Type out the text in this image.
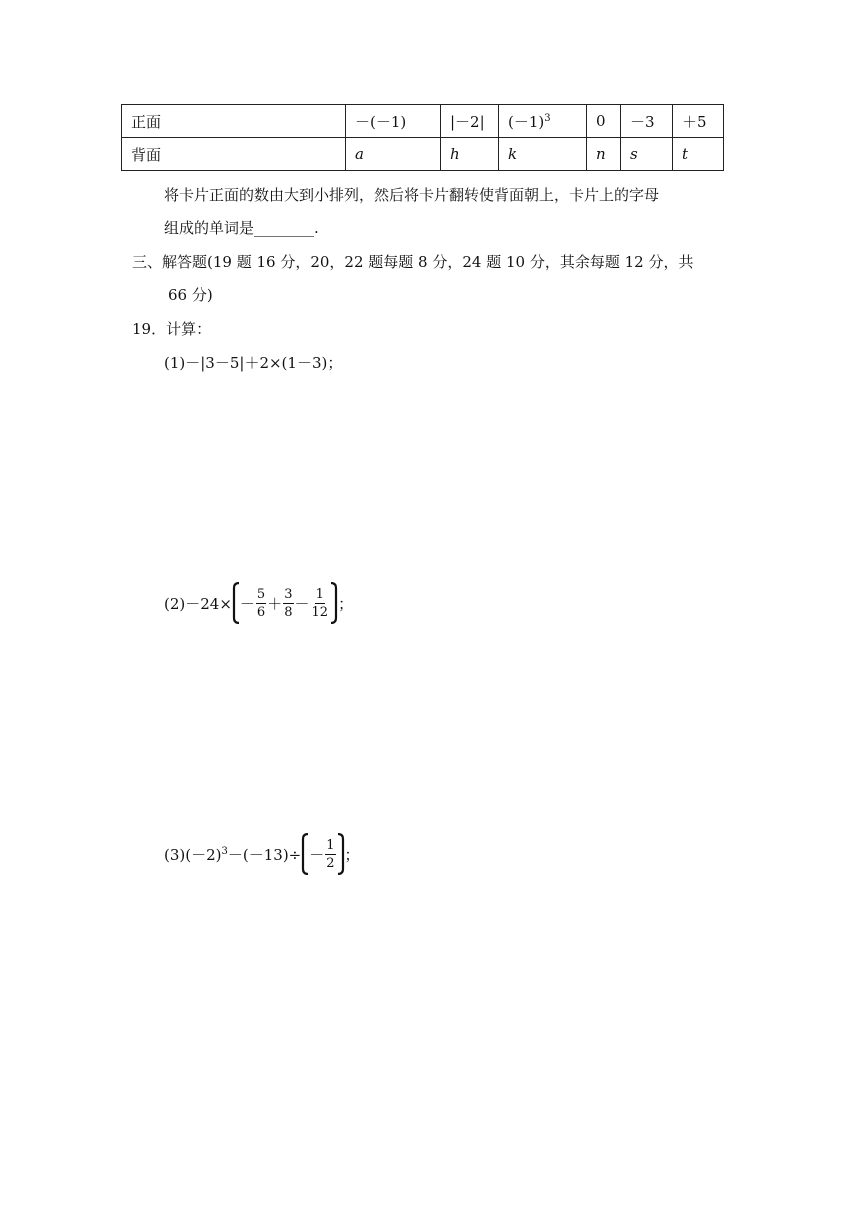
正面	－(－1)	|－2|	$(-1)^3$	0	－3	＋5
背面	a	h	k	n	s	t
将卡片正面的数由大到小排列，然后将卡片翻转使背面朝上，卡片上的字母
组成的单词是________.
三、解答题(19 题 16 分，20，22 题每题 8 分，24 题 10 分，其余每题 12 分，共
66 分)
19．计算：
(1)－|3－5|＋2×(1－3)；
$(2)-24\times - \frac{5}{6} + \frac{3}{8} - \frac{1}{12}$ ；
$(3)(-2)^3 -(-13)\div - \frac{1}{2}$ ；
